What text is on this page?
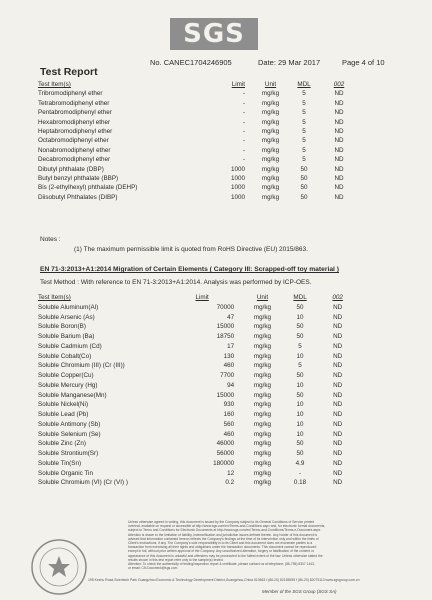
SGS
No. CANEC1704246905	Date: 29 Mar 2017	Page 4 of 10
Test Report
Test Item(s)	Limit	Unit	MDL	002
Tribromodiphenyl ether	-	mg/kg	5	ND
Tetrabromodiphenyl ether	-	mg/kg	5	ND
Pentabromodiphenyl ether	-	mg/kg	5	ND
Hexabromodiphenyl ether	-	mg/kg	5	ND
Heptabromodiphenyl ether	-	mg/kg	5	ND
Octabromodiphenyl ether	-	mg/kg	5	ND
Nonabromodiphenyl ether	-	mg/kg	5	ND
Decabromodiphenyl ether	-	mg/kg	5	ND
Dibutyl phthalate (DBP)	1000	mg/kg	50	ND
Butyl benzyl phthalate (BBP)	1000	mg/kg	50	ND
Bis (2-ethylhexyl) phthalate (DEHP)	1000	mg/kg	50	ND
Diisobutyl Phthalates (DIBP)	1000	mg/kg	50	ND
Notes :
(1) The maximum permissible limit is quoted from RoHS Directive (EU) 2015/863.
EN 71-3:2013+A1:2014 Migration of Certain Elements ( Category III: Scrapped-off toy material )
Test Method : With reference to EN 71-3:2013+A1:2014. Analysis was performed by ICP-OES.
Test Item(s)	Limit	Unit	MDL	002
Soluble Aluminum(Al)	70000	mg/kg	50	ND
Soluble Arsenic (As)	47	mg/kg	10	ND
Soluble Boron(B)	15000	mg/kg	50	ND
Soluble Barium (Ba)	18750	mg/kg	50	ND
Soluble Cadmium (Cd)	17	mg/kg	5	ND
Soluble Cobalt(Co)	130	mg/kg	10	ND
Soluble Chromium (III) (Cr (III))	460	mg/kg	5	ND
Soluble Copper(Cu)	7700	mg/kg	50	ND
Soluble Mercury (Hg)	94	mg/kg	10	ND
Soluble Manganese(Mn)	15000	mg/kg	50	ND
Soluble Nickel(Ni)	930	mg/kg	10	ND
Soluble Lead (Pb)	160	mg/kg	10	ND
Soluble Antimony (Sb)	560	mg/kg	10	ND
Soluble Selenium (Se)	460	mg/kg	10	ND
Soluble Zinc (Zn)	46000	mg/kg	50	ND
Soluble Strontium(Sr)	56000	mg/kg	50	ND
Soluble Tin(Sn)	180000	mg/kg	4.9	ND
Soluble Organic Tin	12	mg/kg	-	ND
Soluble Chromium (VI) (Cr (VI) )	0.2	mg/kg	0.18	ND

Unless otherwise agreed in writing, this document is issued by the Company subject to its General Conditions of Service printed

overleaf, available on request or accessible at http://www.sgs.com/en/Terms-and-Conditions.aspx and, for electronic format documents,

subject to Terms and Conditions for Electronic Documents at http://www.sgs.com/en/Terms-and-Conditions/Terms-e-Document.aspx.

Attention is drawn to the limitation of liability, indemnification and jurisdiction issues defined therein. Any holder of this document is

advised that information contained hereon reflects the Company's findings at the time of its intervention only and within the limits of

Client's instructions, if any. The Company's sole responsibility is to its Client and this document does not exonerate parties to a

transaction from exercising all their rights and obligations under the transaction documents. This document cannot be reproduced

except in full, without prior written approval of the Company. Any unauthorized alteration, forgery or falsification of the content or

appearance of this document is unlawful and offenders may be prosecuted to the fullest extent of the law. Unless otherwise stated the

results shown in this test report refer only to the sample(s) tested.

Attention: To check the authenticity of testing/inspection report & certificate, please contact us at telephone: (86-755) 8307 1443,

or email: CN.Doccheck@sgs.com

198 Kezhu Road,Scientech Park Guangzhou Economic & Technology Development District,Guangzhou,China 510663 t (86-20) 82155555 f (86-20) 82075113 www.sgsgroup.com.cn
Member of the SGS Group (SGS SA)
